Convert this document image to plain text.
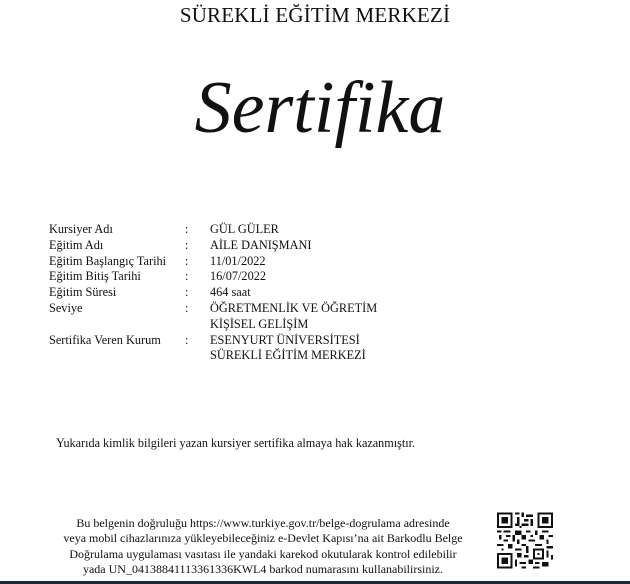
SÜREKLİ EĞİTİM MERKEZİ
Sertifika
Kursiyer Adı	:	GÜL GÜLER
Eğitim Adı	:	AİLE DANIŞMANI
Eğitim Başlangıç Tarihi	:	11/01/2022
Eğitim Bitiş Tarihi	:	16/07/2022
Eğitim Süresi	:	464 saat
Seviye	:	ÖĞRETMENLİK VE ÖĞRETİM
KİŞİSEL GELİŞİM
Sertifika Veren Kurum	:	ESENYURT ÜNİVERSİTESİ
SÜREKLİ EĞİTİM MERKEZİ
Yukarıda kimlik bilgileri yazan kursiyer sertifika almaya hak kazanmıştır.
Bu belgenin doğruluğu https://www.turkiye.gov.tr/belge-dogrulama adresinde
veya mobil cihazlarınıza yükleyebileceğiniz e-Devlet Kapısı’na ait Barkodlu Belge
Doğrulama uygulaması vasıtası ile yandaki karekod okutularak kontrol edilebilir
yada UN_04138841113361336KWL4 barkod numarasını kullanabilirsiniz.
